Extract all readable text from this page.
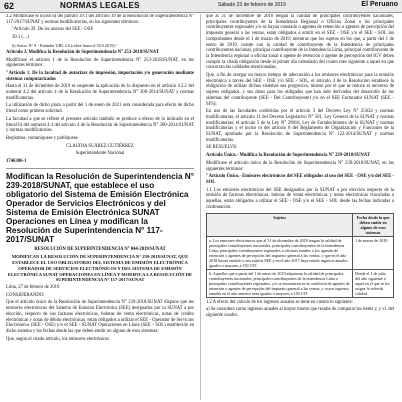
62	NORMAS LEGALES	Sábado 23 de febrero de 2019	El Peruano

2.2 Modifícase el inciso h) del párrafo 39.1 del artículo 39 de la Resolución de Superintendencia N° 117-2017/SUNAT y normas modificatorias, en los siguientes términos:

"Artículo 39. De los anexos del SEE - OSE

39.1 (…)

h) Anexo N° 8 - Estándar UBL 2.0 (cobre hasta el 30.6.2019)."

Artículo 3. Modifica la Resolución de Superintendencia N° 253-2018/SUNAT

Modifícase el artículo 1 de la Resolución de Superintendencia N° 253-2018/SUNAT, en los siguientes términos:

"Artículo 1. De la facultad de autorizar de impresión, importación y/o generación mediante sistemas computarizados

Hasta el 31 de diciembre de 2019 se suspende la aplicación de lo dispuesto en el artículo 4.2.2 del numeral 4.2 del artículo 4 de la Resolución de Superintendencia N° 300-2014/SUNAT y normas modificatorias.

La utilización de dicho plazo a partir del 1 de enero de 2021 será considerada para efecto de dicho literal como primera solicitud.

La facultad a que se refiere el presente artículo también se produce a efecto de lo indicado en el literal b) del numeral 4.4 del artículo 4 de la Resolución de Superintendencia N° 300-2014/SUNAT y normas modificatorias.

Regístrese, comuníquese y publíquese.

CLAUDIA SUÁREZ GUTIÉRREZ

Superintendente Nacional

1746306-1

Modifican la Resolución de Superintendencia N° 239-2018/SUNAT, que establece el uso obligatorio del Sistema de Emisión Electrónica Operador de Servicios Electrónicos y del Sistema de Emisión Electrónica SUNAT Operaciones en Línea y modifican la Resolución de Superintendencia N° 117-2017/SUNAT

RESOLUCIÓN DE SUPERINTENDENCIA N° 044-2019/SUNAT

MODIFICAN LA RESOLUCIÓN DE SUPERINTENDENCIA N° 239-2018/SUNAT, QUE ESTABLECE EL USO OBLIGATORIO DEL SISTEMA DE EMISIÓN ELECTRÓNICA OPERADOR DE SERVICIOS ELECTRÓNICOS Y DEL SISTEMA DE EMISIÓN ELECTRÓNICA SUNAT OPERACIONES EN LÍNEA Y MODIFICA LA RESOLUCIÓN DE SUPERINTENDENCIA N° 117-2017/SUNAT

Lima, 27 de febrero de 2019

CONSIDERANDO:

Que el artículo único de la Resolución de Superintendencia N° 239-2018/SUNAT dispone que los emisores electrónicos del Sistema de Emisión Electrónica (SEE) designados por la SUNAT a por elección, respecto de sus facturas electrónicas, boletas de venta electrónicas, notas de crédito electrónicas y notas de débito electrónicas, están obligados a utilizar el SEE - Operador de Servicios Electrónicos (SEE - OSE) y/o el SEE - SUNAT Operaciones en Línea (SEE - SOL) establecido en dicho sistema y los fechas desde las que deben emitir en alguno de esos sistemas;

Que, según el citado artículo, los emisores electrónicos

que al 31 de diciembre de 2018 tengan la calidad de principales contribuyentes nacionales, principales contribuyentes de la Intendencia Regional o Oficina Zonal o los principales contribuyentes regionales y/o se hayan constado o agentes de retención o agentes de percepción del impuesto general a las ventas, están obligados a emitir en el SEE - OSE y/o el SEE - SOL los comprobantes desde el 1 de marzo de 2019; mientras que los sujetos en los que, a partir del 1 de enero de 2019, cuente con la calidad de contribuyente de la Intendencia de principales contribuyentes nacional, principal contribuyente de la Intendencia Lima, principal contribuyente de la Intendencia regional u oficina zonal o agente de retención o agente de percepción del IGV deben cumplir la citada obligación desde el primer día calendario del cuarto mes siguiente a aquel en que concurran las calidades mencionadas;

Que, a fin de otorgar un mayor tiempo de adecuación a los emisores electrónicos para la emisión electrónica a través del SEE - OSE y/o SEE - SOL, el artículo 4 de la Resolución establece la obligación de utilizar dichos sistemas sea progresiva, mismo por el que se reduce el universo de sujetos obligados, y sus datos para los obligados que han sido derivados del desarrollo de los sistemas del contribuyente (SEE - Del Contribuyente) y/o en el SEE Facturador SUNAT (SEE - SFS);

En uso de las facultades conferidas por el artículo 3 del Decreto Ley N° 25632 y normas modificatorias, el artículo 11 del Decreto Legislativo N° 501, Ley General de la SUNAT y normas modificatorias; el artículo 5 de la Ley N° 29816, Ley de Fortalecimiento de la SUNAT y normas modificatorias y el inciso o) del artículo 8 del Reglamento de Organización y Funciones de la SUNAT, aprobado por la Resolución de Superintendencia N° 122-2014/SUNAT y normas modificatorias.

SE RESUELVE:

Artículo Único.- Modifica la Resolución de Superintendencia N° 239-2018/SUNAT

Modifícase el artículo único de la Resolución de Superintendencia N° 239-2018/SUNAT, en los siguientes términos:

"Artículo Único.- Emisores electrónicos del SEE obligados al uso del SEE - OSE y/o del SEE - SOL

1.1 Los emisores electrónicos del SEE designados por la SUNAT o por elección respecto de la emisión de facturas electrónicas, boletas de venta electrónicas y notas electrónicas vinculadas a aquellas, están obligados a utilizar el SEE - OSE y/o el SEE - SOL desde las fechas indicadas a continuación:

Sujetos	Fecha desde la que deben emitir en alguno de esos sistemas
a. Los emisores electrónicos que al 31 de diciembre de 2018 tengan la calidad de principales contribuyentes nacionales, principales contribuyentes de la intendencia Lima, principales contribuyentes regionales u oficinas zonales o los agentes de retención o agentes de percepción del impuesto general a las ventas, y que en el año 2018 hayan emitido o sea sujetos SEE y en el año 2017 haya tenido ingresos anuales iguales o mayores a 150 UIT.	1 de marzo de 2019
b. Aquellos que a partir del 1 de enero de 2019 adquieran la calidad de principales contribuyentes nacionales, principales contribuyentes de la intendencia Lima o principales contribuyentes regionales, y/o se encuentren en la condición de agentes de retención o agentes de percepción del impuesto general a las ventas, y cuyos ingresos anuales en el año anterior sean iguales o mayores a 150 UIT.	Desde el 1 de julio del año siguiente a aquel en el que se les asigne la referida calidad.

1.2 A efecto del cálculo de los ingresos anuales se tiene en cuenta lo siguiente:

a) Se considera como ingresos anuales al mayor monto que resulte de comparar los items y, y vi. del siguiente cuadro:
